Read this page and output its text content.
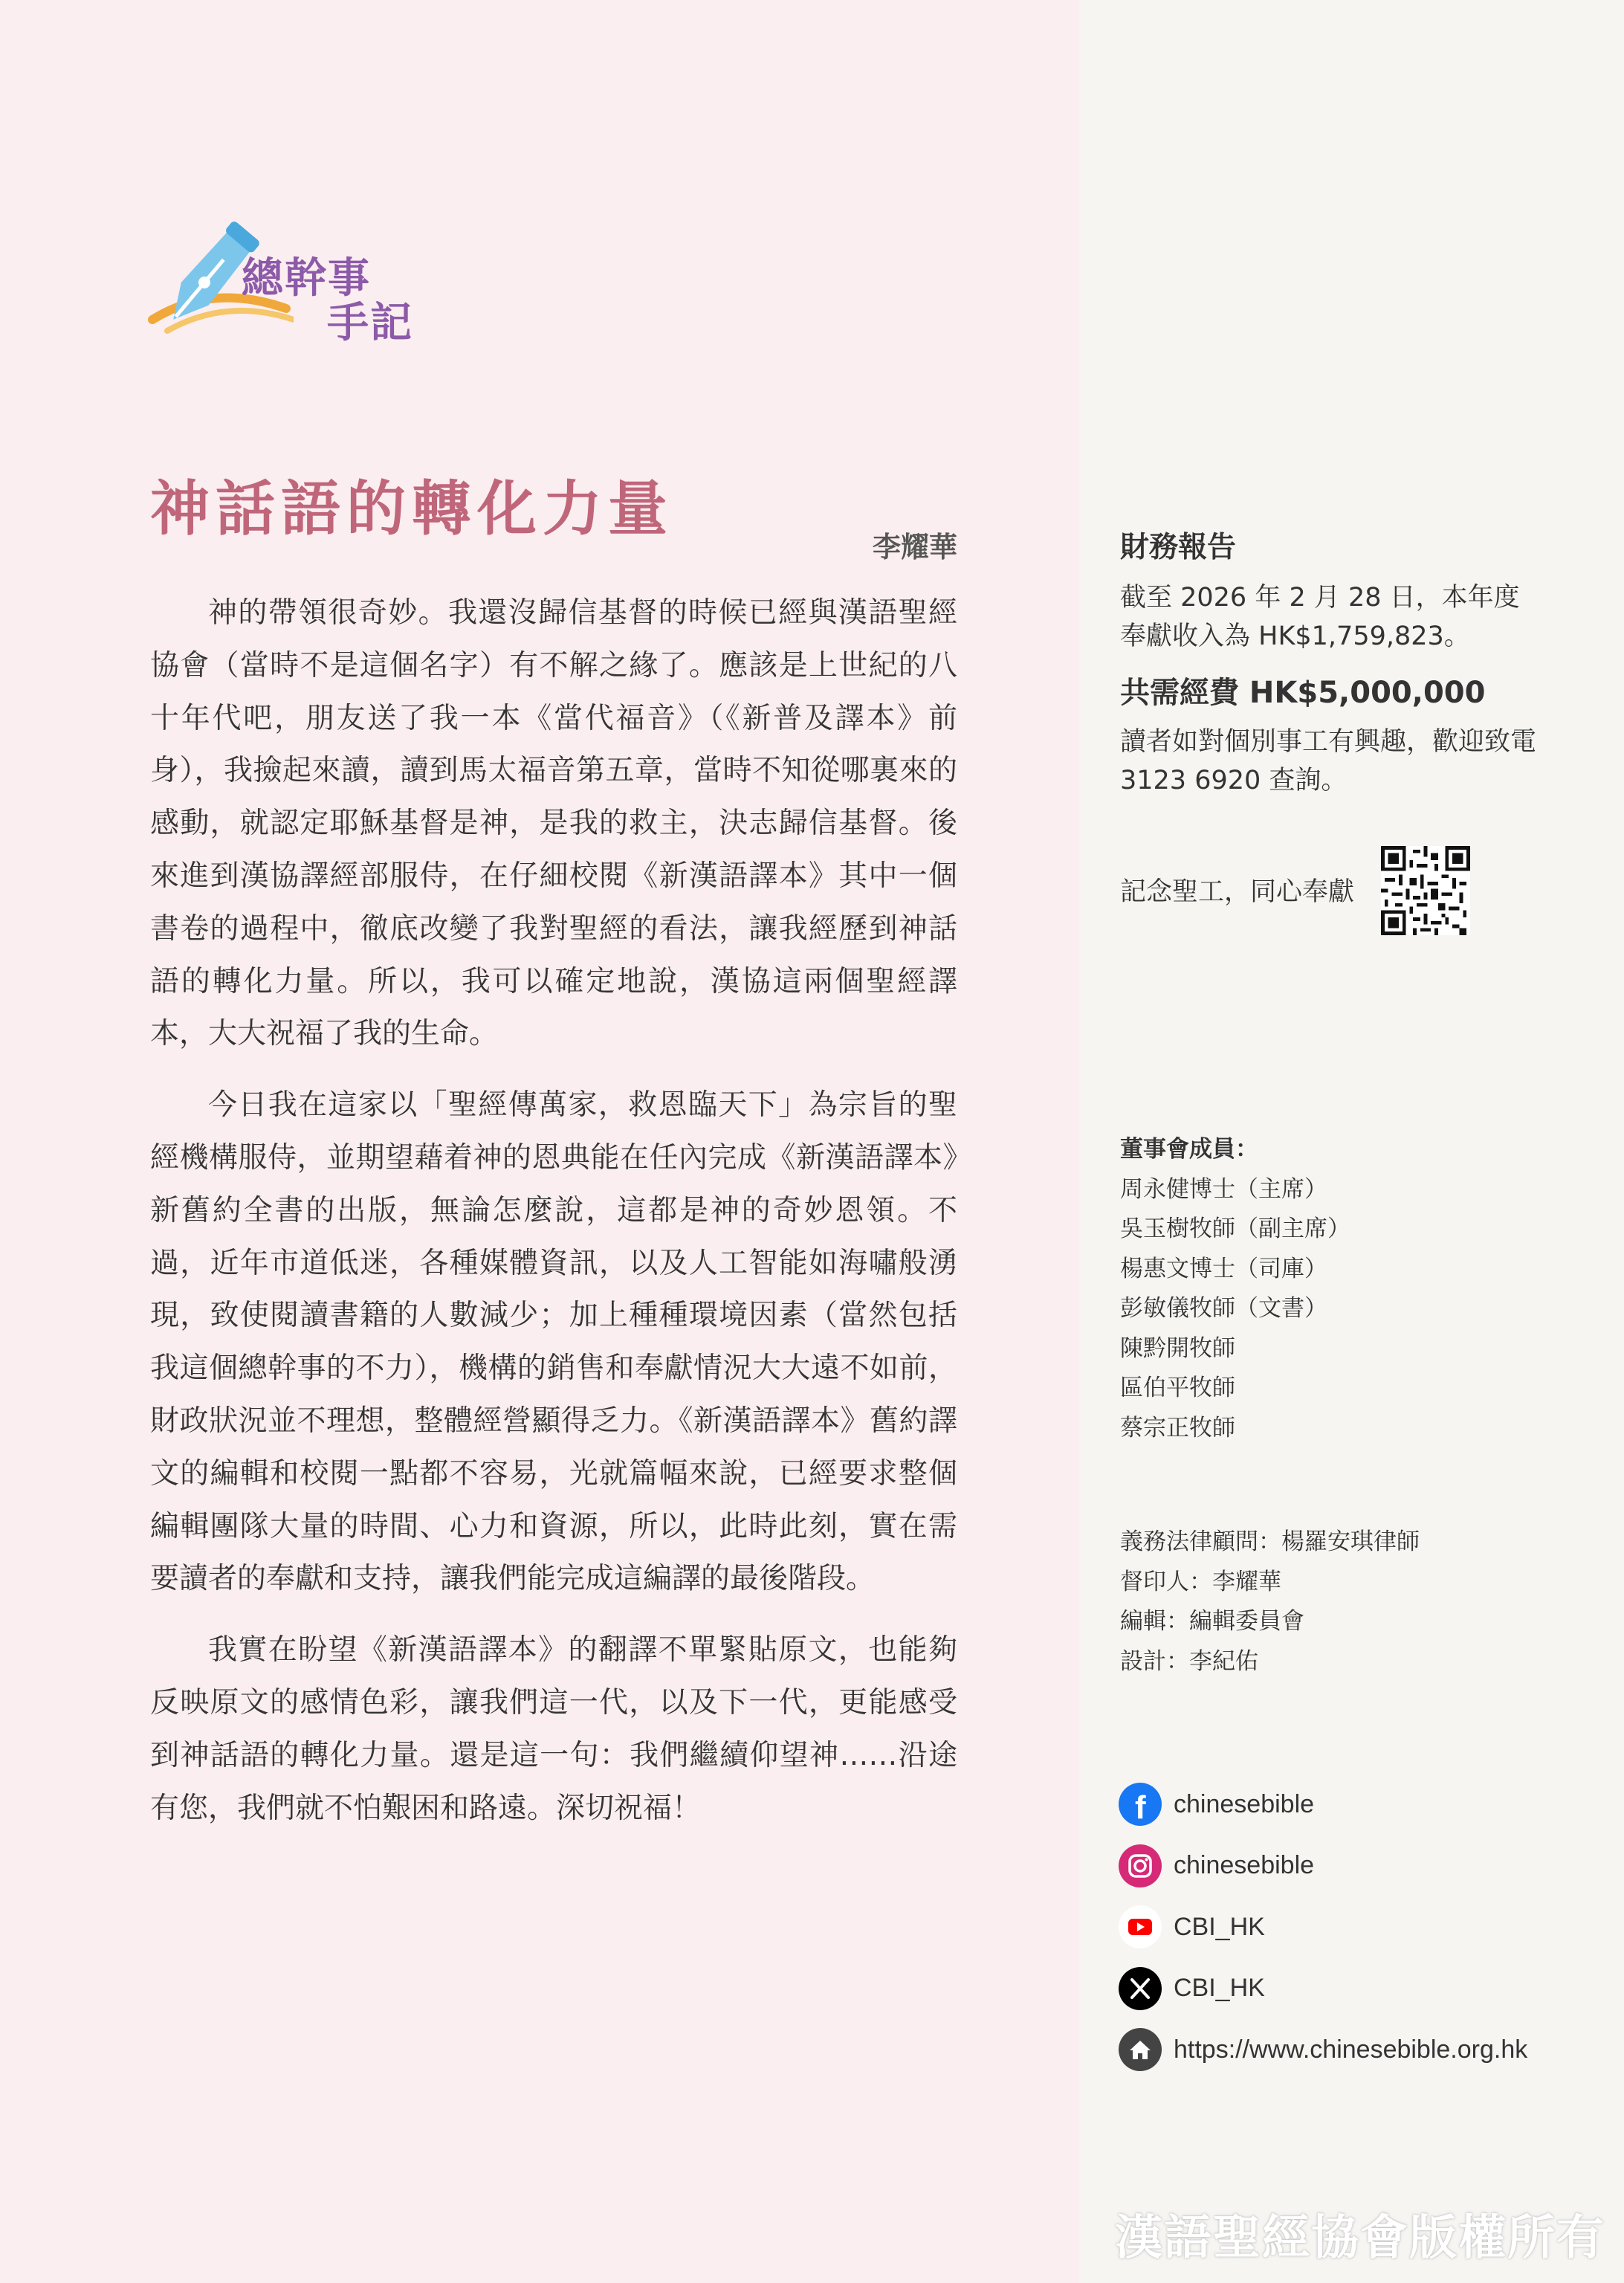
總幹事
手記
神話語的轉化力量
李耀華

神的帶領很奇妙。我還沒歸信基督的時候已經與漢語聖經協會（當時不是這個名字）有不解之緣了。應該是上世紀的八十年代吧，朋友送了我一本《當代福音》（《新普及譯本》前身），我撿起來讀，讀到馬太福音第五章，當時不知從哪裏來的感動，就認定耶穌基督是神，是我的救主，決志歸信基督。後來進到漢協譯經部服侍，在仔細校閱《新漢語譯本》其中一個書卷的過程中，徹底改變了我對聖經的看法，讓我經歷到神話語的轉化力量。所以，我可以確定地說，漢協這兩個聖經譯本，大大祝福了我的生命。

今日我在這家以「聖經傳萬家，救恩臨天下」為宗旨的聖經機構服侍，並期望藉着神的恩典能在任內完成《新漢語譯本》新舊約全書的出版，無論怎麼說，這都是神的奇妙恩領。不過，近年市道低迷，各種媒體資訊，以及人工智能如海嘯般湧現，致使閱讀書籍的人數減少；加上種種環境因素（當然包括我這個總幹事的不力），機構的銷售和奉獻情況大大遠不如前，財政狀況並不理想，整體經營顯得乏力。《新漢語譯本》舊約譯文的編輯和校閱一點都不容易，光就篇幅來說，已經要求整個編輯團隊大量的時間、心力和資源，所以，此時此刻，實在需要讀者的奉獻和支持，讓我們能完成這編譯的最後階段。

我實在盼望《新漢語譯本》的翻譯不單緊貼原文，也能夠反映原文的感情色彩，讓我們這一代，以及下一代，更能感受到神話語的轉化力量。還是這一句：我們繼續仰望神……沿途有您，我們就不怕艱困和路遠。深切祝福！

財務報告
截至 2026 年 2 月 28 日，本年度奉獻收入為 HK$1,759,823。
共需經費 HK$5,000,000
讀者如對個別事工有興趣，歡迎致電 3123 6920 查詢。
記念聖工，同心奉獻
董事會成員：
周永健博士（主席）
吳玉樹牧師（副主席）
楊惠文博士（司庫）
彭敏儀牧師（文書）
陳黔開牧師
區伯平牧師
蔡宗正牧師
義務法律顧問：楊羅安琪律師
督印人：李耀華
編輯：編輯委員會
設計：李紀佑
f chinesebible
chinesebible
CBI_HK
CBI_HK
https://www.chinesebible.org.hk
漢語聖經協會版權所有
